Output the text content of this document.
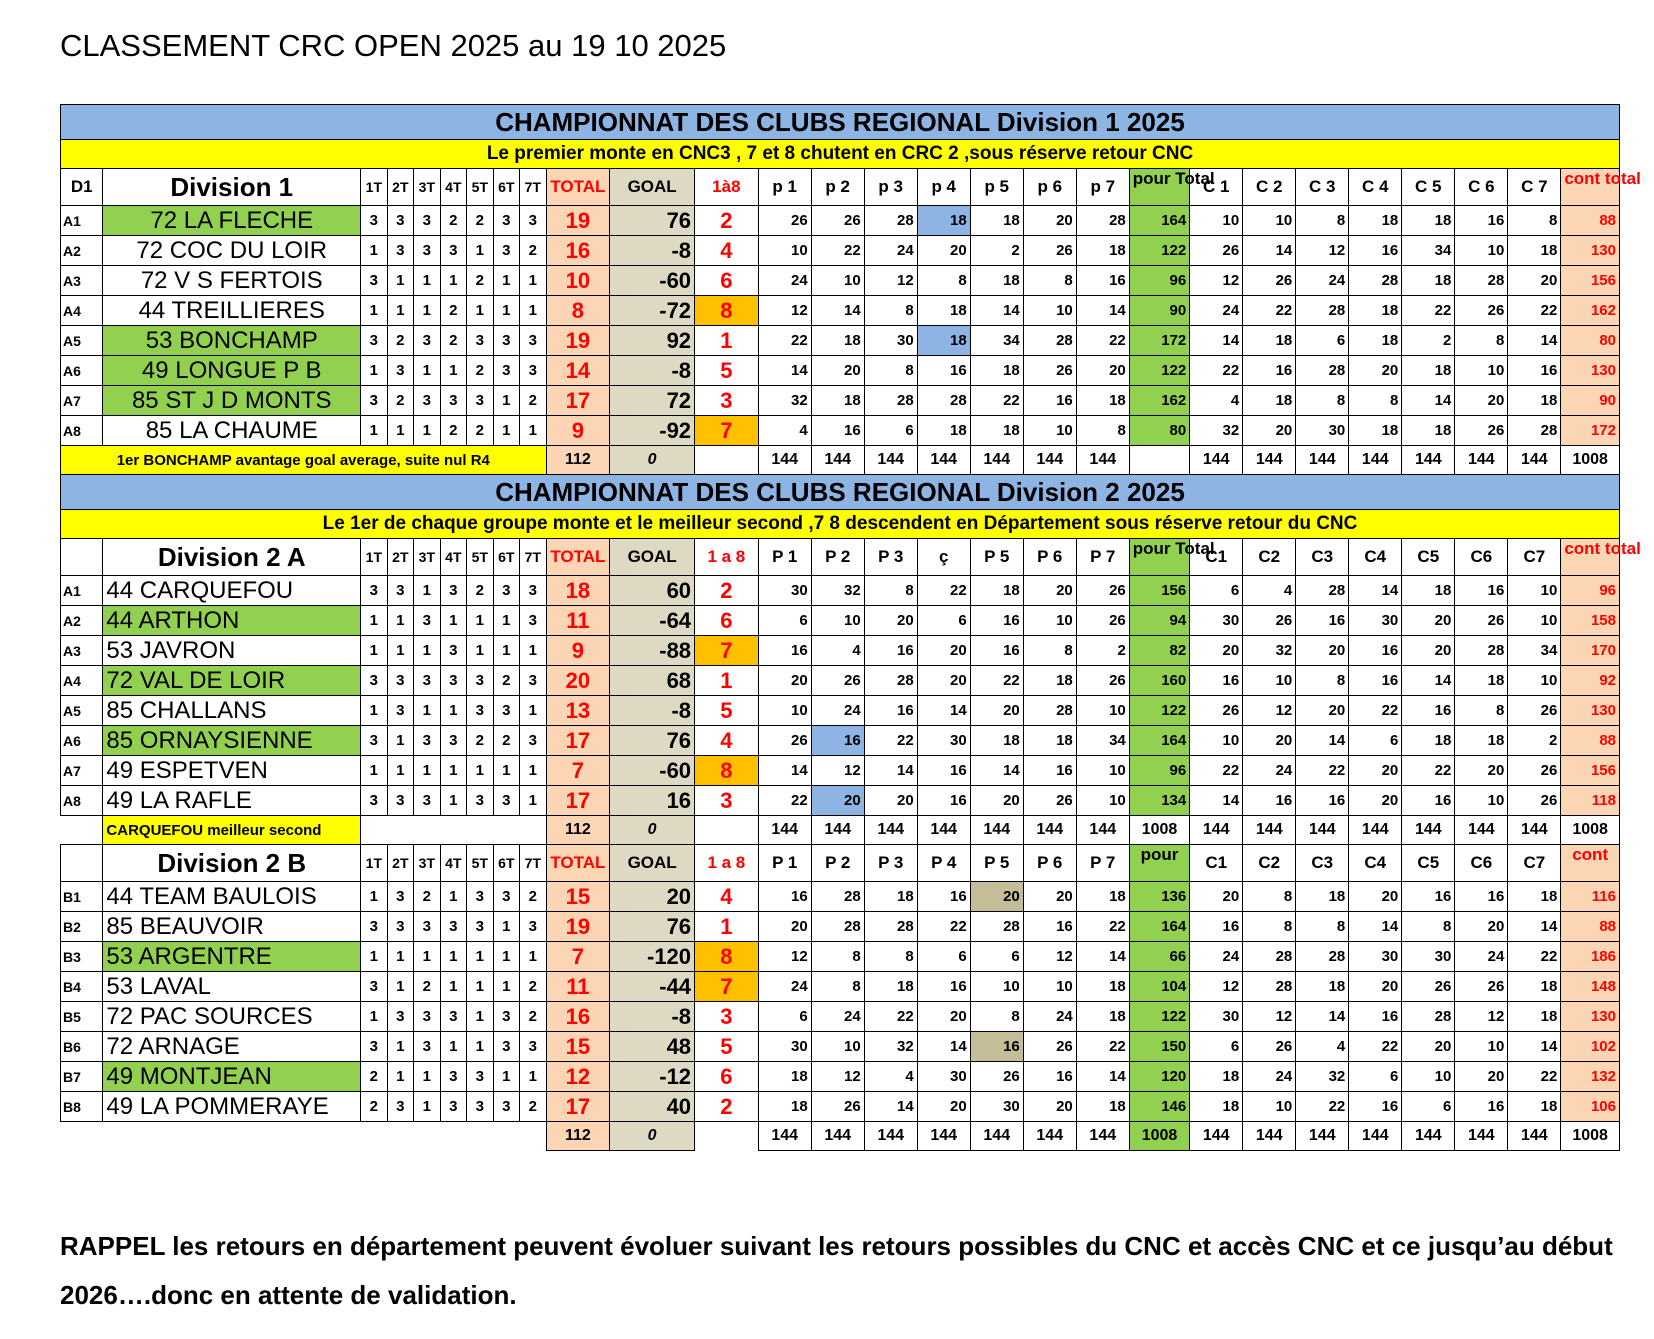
CLASSEMENT CRC OPEN 2025 au 19 10 2025
CHAMPIONNAT DES CLUBS REGIONAL Division 1 2025																											
Le premier monte en CNC3 , 7 et 8 chutent en CRC 2 ,sous réserve retour CNC																											
D1	Division 1	1T	2T	3T	4T	5T	6T	7T	TOTAL	GOAL	1à8	p 1	p 2	p 3	p 4	p 5	p 6	p 7	pour Total	C 1	C 2	C 3	C 4	C 5	C 6	C 7	cont total
A1	72 LA FLECHE	3	3	3	2	2	3	3	19	76	2	26	26	28	18	18	20	28	164	10	10	8	18	18	16	8	88
A2	72 COC DU LOIR	1	3	3	3	1	3	2	16	-8	4	10	22	24	20	2	26	18	122	26	14	12	16	34	10	18	130
A3	72 V S FERTOIS	3	1	1	1	2	1	1	10	-60	6	24	10	12	8	18	8	16	96	12	26	24	28	18	28	20	156
A4	44 TREILLIERES	1	1	1	2	1	1	1	8	-72	8	12	14	8	18	14	10	14	90	24	22	28	18	22	26	22	162
A5	53 BONCHAMP	3	2	3	2	3	3	3	19	92	1	22	18	30	18	34	28	22	172	14	18	6	18	2	8	14	80
A6	49 LONGUE P B	1	3	1	1	2	3	3	14	-8	5	14	20	8	16	18	26	20	122	22	16	28	20	18	10	16	130
A7	85 ST J D MONTS	3	2	3	3	3	1	2	17	72	3	32	18	28	28	22	16	18	162	4	18	8	8	14	20	18	90
A8	85 LA CHAUME	1	1	1	2	2	1	1	9	-92	7	4	16	6	18	18	10	8	80	32	20	30	18	18	26	28	172
1er BONCHAMP avantage goal average, suite nul R4									112	0		144	144	144	144	144	144	144		144	144	144	144	144	144	144	1008
CHAMPIONNAT DES CLUBS REGIONAL Division 2 2025																											
Le 1er de chaque groupe monte et le meilleur second ,7 8 descendent en Département sous réserve retour du CNC																											
	Division 2 A	1T	2T	3T	4T	5T	6T	7T	TOTAL	GOAL	1 a 8	P 1	P 2	P 3	ç	P 5	P 6	P 7	pour Total	C1	C2	C3	C4	C5	C6	C7	cont total
A1	44 CARQUEFOU	3	3	1	3	2	3	3	18	60	2	30	32	8	22	18	20	26	156	6	4	28	14	18	16	10	96
A2	44 ARTHON	1	1	3	1	1	1	3	11	-64	6	6	10	20	6	16	10	26	94	30	26	16	30	20	26	10	158
A3	53 JAVRON	1	1	1	3	1	1	1	9	-88	7	16	4	16	20	16	8	2	82	20	32	20	16	20	28	34	170
A4	72 VAL DE LOIR	3	3	3	3	3	2	3	20	68	1	20	26	28	20	22	18	26	160	16	10	8	16	14	18	10	92
A5	85 CHALLANS	1	3	1	1	3	3	1	13	-8	5	10	24	16	14	20	28	10	122	26	12	20	22	16	8	26	130
A6	85 ORNAYSIENNE	3	1	3	3	2	2	3	17	76	4	26	16	22	30	18	18	34	164	10	20	14	6	18	18	2	88
A7	49 ESPETVEN	1	1	1	1	1	1	1	7	-60	8	14	12	14	16	14	16	10	96	22	24	22	20	22	20	26	156
A8	49 LA RAFLE	3	3	3	1	3	3	1	17	16	3	22	20	20	16	20	26	10	134	14	16	16	20	16	10	26	118
	CARQUEFOU meilleur second								112	0		144	144	144	144	144	144	144	1008	144	144	144	144	144	144	144	1008
	Division 2 B	1T	2T	3T	4T	5T	6T	7T	TOTAL	GOAL	1 a 8	P 1	P 2	P 3	P 4	P 5	P 6	P 7	pour	C1	C2	C3	C4	C5	C6	C7	cont
B1	44 TEAM BAULOIS	1	3	2	1	3	3	2	15	20	4	16	28	18	16	20	20	18	136	20	8	18	20	16	16	18	116
B2	85 BEAUVOIR	3	3	3	3	3	1	3	19	76	1	20	28	28	22	28	16	22	164	16	8	8	14	8	20	14	88
B3	53 ARGENTRE	1	1	1	1	1	1	1	7	-120	8	12	8	8	6	6	12	14	66	24	28	28	30	30	24	22	186
B4	53 LAVAL	3	1	2	1	1	1	2	11	-44	7	24	8	18	16	10	10	18	104	12	28	18	20	26	26	18	148
B5	72 PAC SOURCES	1	3	3	3	1	3	2	16	-8	3	6	24	22	20	8	24	18	122	30	12	14	16	28	12	18	130
B6	72 ARNAGE	3	1	3	1	1	3	3	15	48	5	30	10	32	14	16	26	22	150	6	26	4	22	20	10	14	102
B7	49 MONTJEAN	2	1	1	3	3	1	1	12	-12	6	18	12	4	30	26	16	14	120	18	24	32	6	10	20	22	132
B8	49 LA POMMERAYE	2	3	1	3	3	3	2	17	40	2	18	26	14	20	30	20	18	146	18	10	22	16	6	16	18	106
									112	0		144	144	144	144	144	144	144	1008	144	144	144	144	144	144	144	1008
RAPPEL les retours en département peuvent évoluer suivant les retours possibles du CNC et accès CNC et ce jusqu’au début 2026….donc en attente de validation.
